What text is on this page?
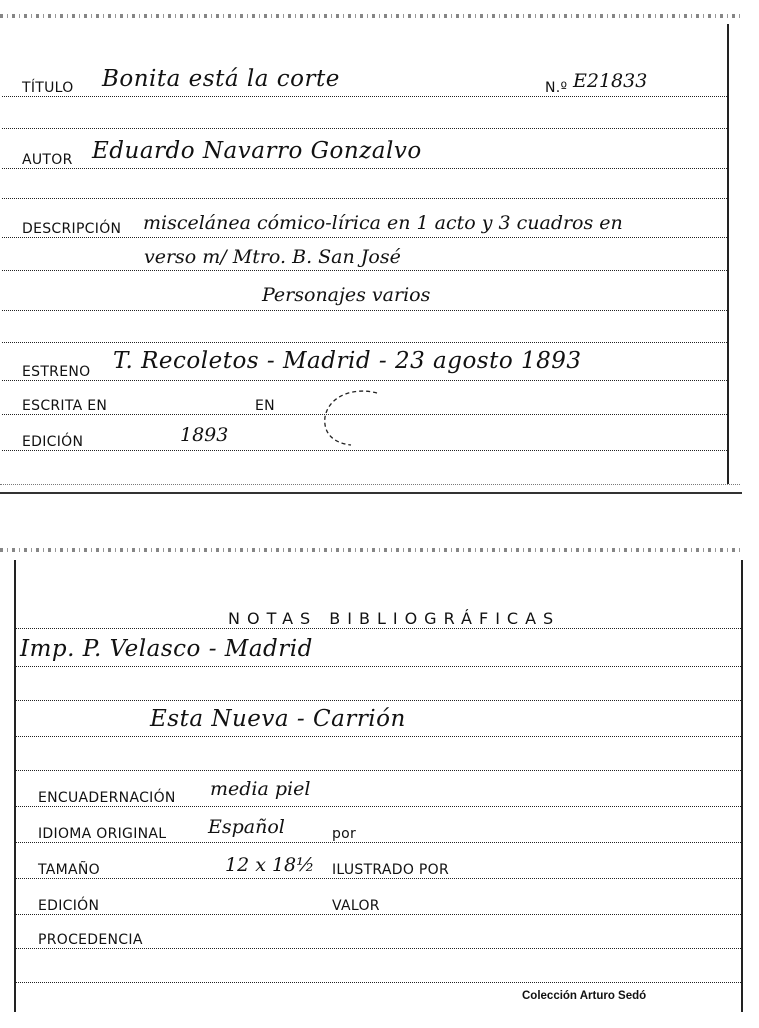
TÍTULO Bonita está la corte	N.º E21833
AUTOR Eduardo Navarro Gonzalvo
DESCRIPCIÓN miscelánea cómico-lírica en 1 acto y 3 cuadros en
verso m/ Mtro. B. San José
Personajes varios
ESTRENO T. Recoletos - Madrid - 23 agosto 1893
ESCRITA EN	EN
EDICIÓN	1893
NOTAS BIBLIOGRÁFICAS
Imp. P. Velasco - Madrid
Esta Nueva - Carrión
ENCUADERNACIÓN media piel
IDIOMA ORIGINAL Español	por
TAMAÑO	12 x 18½ ILUSTRADO POR
EDICIÓN	VALOR
PROCEDENCIA
Colección Arturo Sedó
